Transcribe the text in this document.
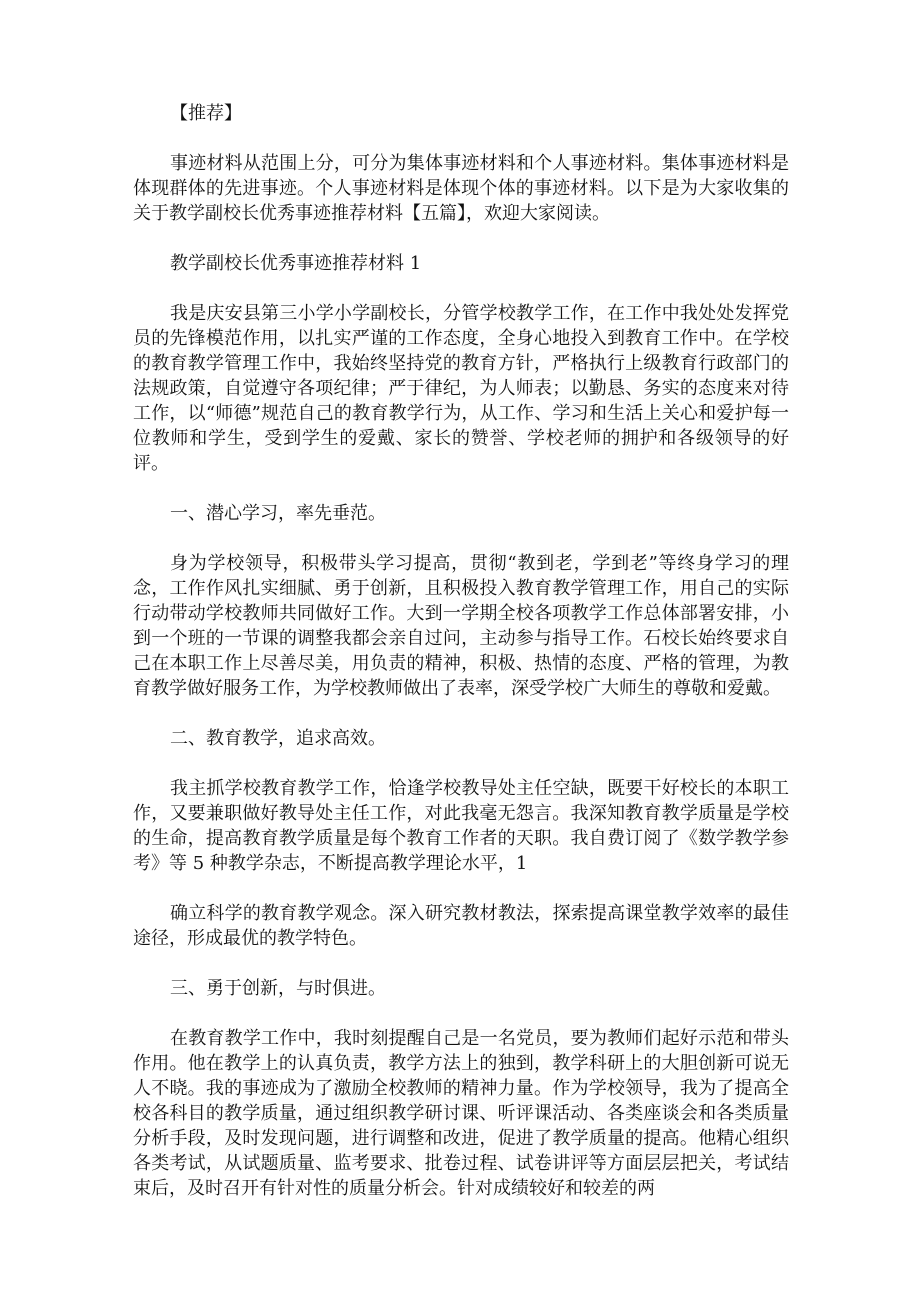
【推荐】

事迹材料从范围上分，可分为集体事迹材料和个人事迹材料。集体事迹材料是体现群体的先进事迹。个人事迹材料是体现个体的事迹材料。以下是为大家收集的关于教学副校长优秀事迹推荐材料【五篇】，欢迎大家阅读。

教学副校长优秀事迹推荐材料 1

我是庆安县第三小学小学副校长，分管学校教学工作，在工作中我处处发挥党员的先锋模范作用，以扎实严谨的工作态度，全身心地投入到教育工作中。在学校的教育教学管理工作中，我始终坚持党的教育方针，严格执行上级教育行政部门的法规政策，自觉遵守各项纪律；严于律纪，为人师表；以勤恳、务实的态度来对待工作，以“师德”规范自己的教育教学行为，从工作、学习和生活上关心和爱护每一位教师和学生，受到学生的爱戴、家长的赞誉、学校老师的拥护和各级领导的好评。

一、潜心学习，率先垂范。

身为学校领导，积极带头学习提高，贯彻“教到老，学到老”等终身学习的理念，工作作风扎实细腻、勇于创新，且积极投入教育教学管理工作，用自己的实际行动带动学校教师共同做好工作。大到一学期全校各项教学工作总体部署安排，小到一个班的一节课的调整我都会亲自过问，主动参与指导工作。石校长始终要求自己在本职工作上尽善尽美，用负责的精神，积极、热情的态度、严格的管理，为教育教学做好服务工作，为学校教师做出了表率，深受学校广大师生的尊敬和爱戴。

二、教育教学，追求高效。

我主抓学校教育教学工作，恰逢学校教导处主任空缺，既要干好校长的本职工作，又要兼职做好教导处主任工作，对此我毫无怨言。我深知教育教学质量是学校的生命，提高教育教学质量是每个教育工作者的天职。我自费订阅了《数学教学参考》等 5 种教学杂志，不断提高教学理论水平，1

确立科学的教育教学观念。深入研究教材教法，探索提高课堂教学效率的最佳途径，形成最优的教学特色。

三、勇于创新，与时俱进。

在教育教学工作中，我时刻提醒自己是一名党员，要为教师们起好示范和带头作用。他在教学上的认真负责，教学方法上的独到，教学科研上的大胆创新可说无人不晓。我的事迹成为了激励全校教师的精神力量。作为学校领导，我为了提高全校各科目的教学质量，通过组织教学研讨课、听评课活动、各类座谈会和各类质量分析手段，及时发现问题，进行调整和改进，促进了教学质量的提高。他精心组织各类考试，从试题质量、监考要求、批卷过程、试卷讲评等方面层层把关，考试结束后，及时召开有针对性的质量分析会。针对成绩较好和较差的两
